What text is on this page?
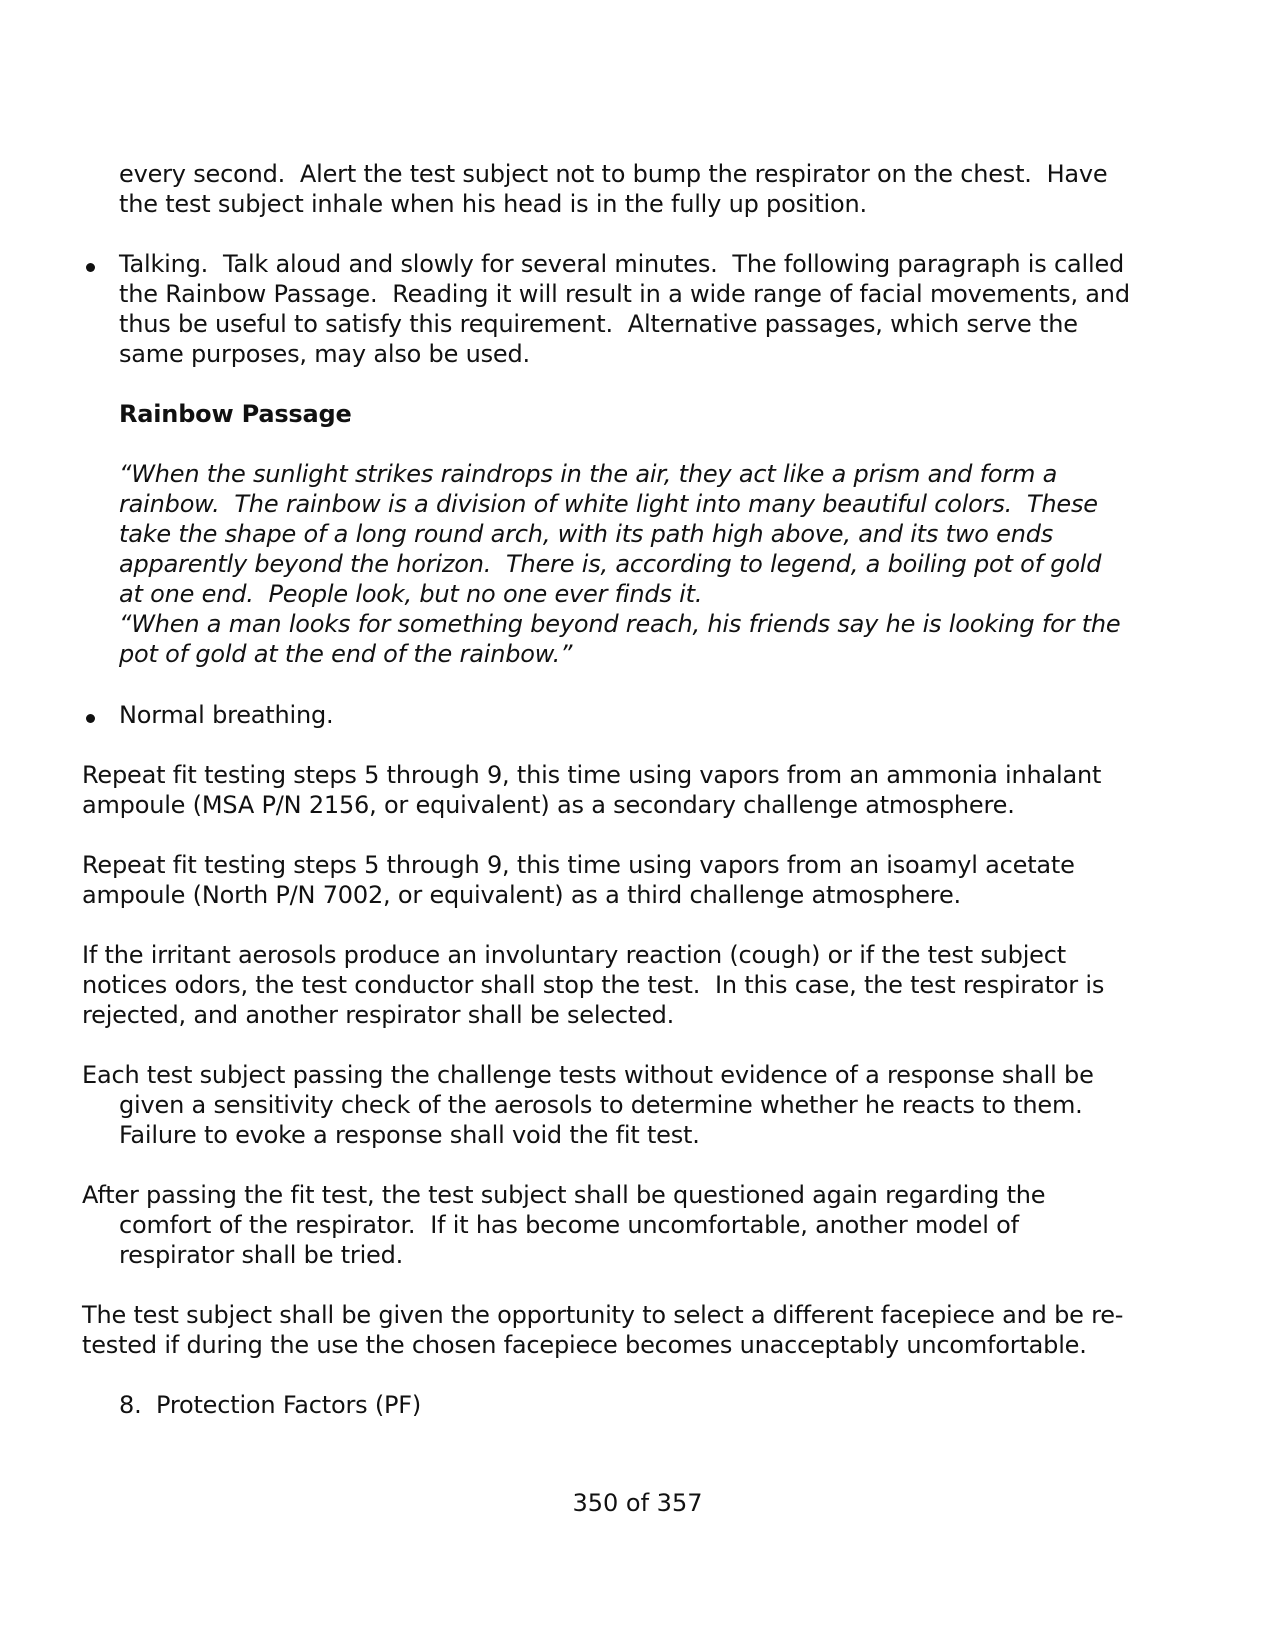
every second.  Alert the test subject not to bump the respirator on the chest.  Have
the test subject inhale when his head is in the fully up position.
Talking.  Talk aloud and slowly for several minutes.  The following paragraph is called
the Rainbow Passage.  Reading it will result in a wide range of facial movements, and
thus be useful to satisfy this requirement.  Alternative passages, which serve the
same purposes, may also be used.
Rainbow Passage
“When the sunlight strikes raindrops in the air, they act like a prism and form a
rainbow.  The rainbow is a division of white light into many beautiful colors.  These
take the shape of a long round arch, with its path high above, and its two ends
apparently beyond the horizon.  There is, according to legend, a boiling pot of gold
at one end.  People look, but no one ever finds it.
“When a man looks for something beyond reach, his friends say he is looking for the
pot of gold at the end of the rainbow.”
Normal breathing.
Repeat fit testing steps 5 through 9, this time using vapors from an ammonia inhalant
ampoule (MSA P/N 2156, or equivalent) as a secondary challenge atmosphere.
Repeat fit testing steps 5 through 9, this time using vapors from an isoamyl acetate
ampoule (North P/N 7002, or equivalent) as a third challenge atmosphere.
If the irritant aerosols produce an involuntary reaction (cough) or if the test subject
notices odors, the test conductor shall stop the test.  In this case, the test respirator is
rejected, and another respirator shall be selected.
Each test subject passing the challenge tests without evidence of a response shall be
given a sensitivity check of the aerosols to determine whether he reacts to them.
Failure to evoke a response shall void the fit test.
After passing the fit test, the test subject shall be questioned again regarding the
comfort of the respirator.  If it has become uncomfortable, another model of
respirator shall be tried.
The test subject shall be given the opportunity to select a different facepiece and be re-
tested if during the use the chosen facepiece becomes unacceptably uncomfortable.
8. Protection Factors (PF)
350 of 357
